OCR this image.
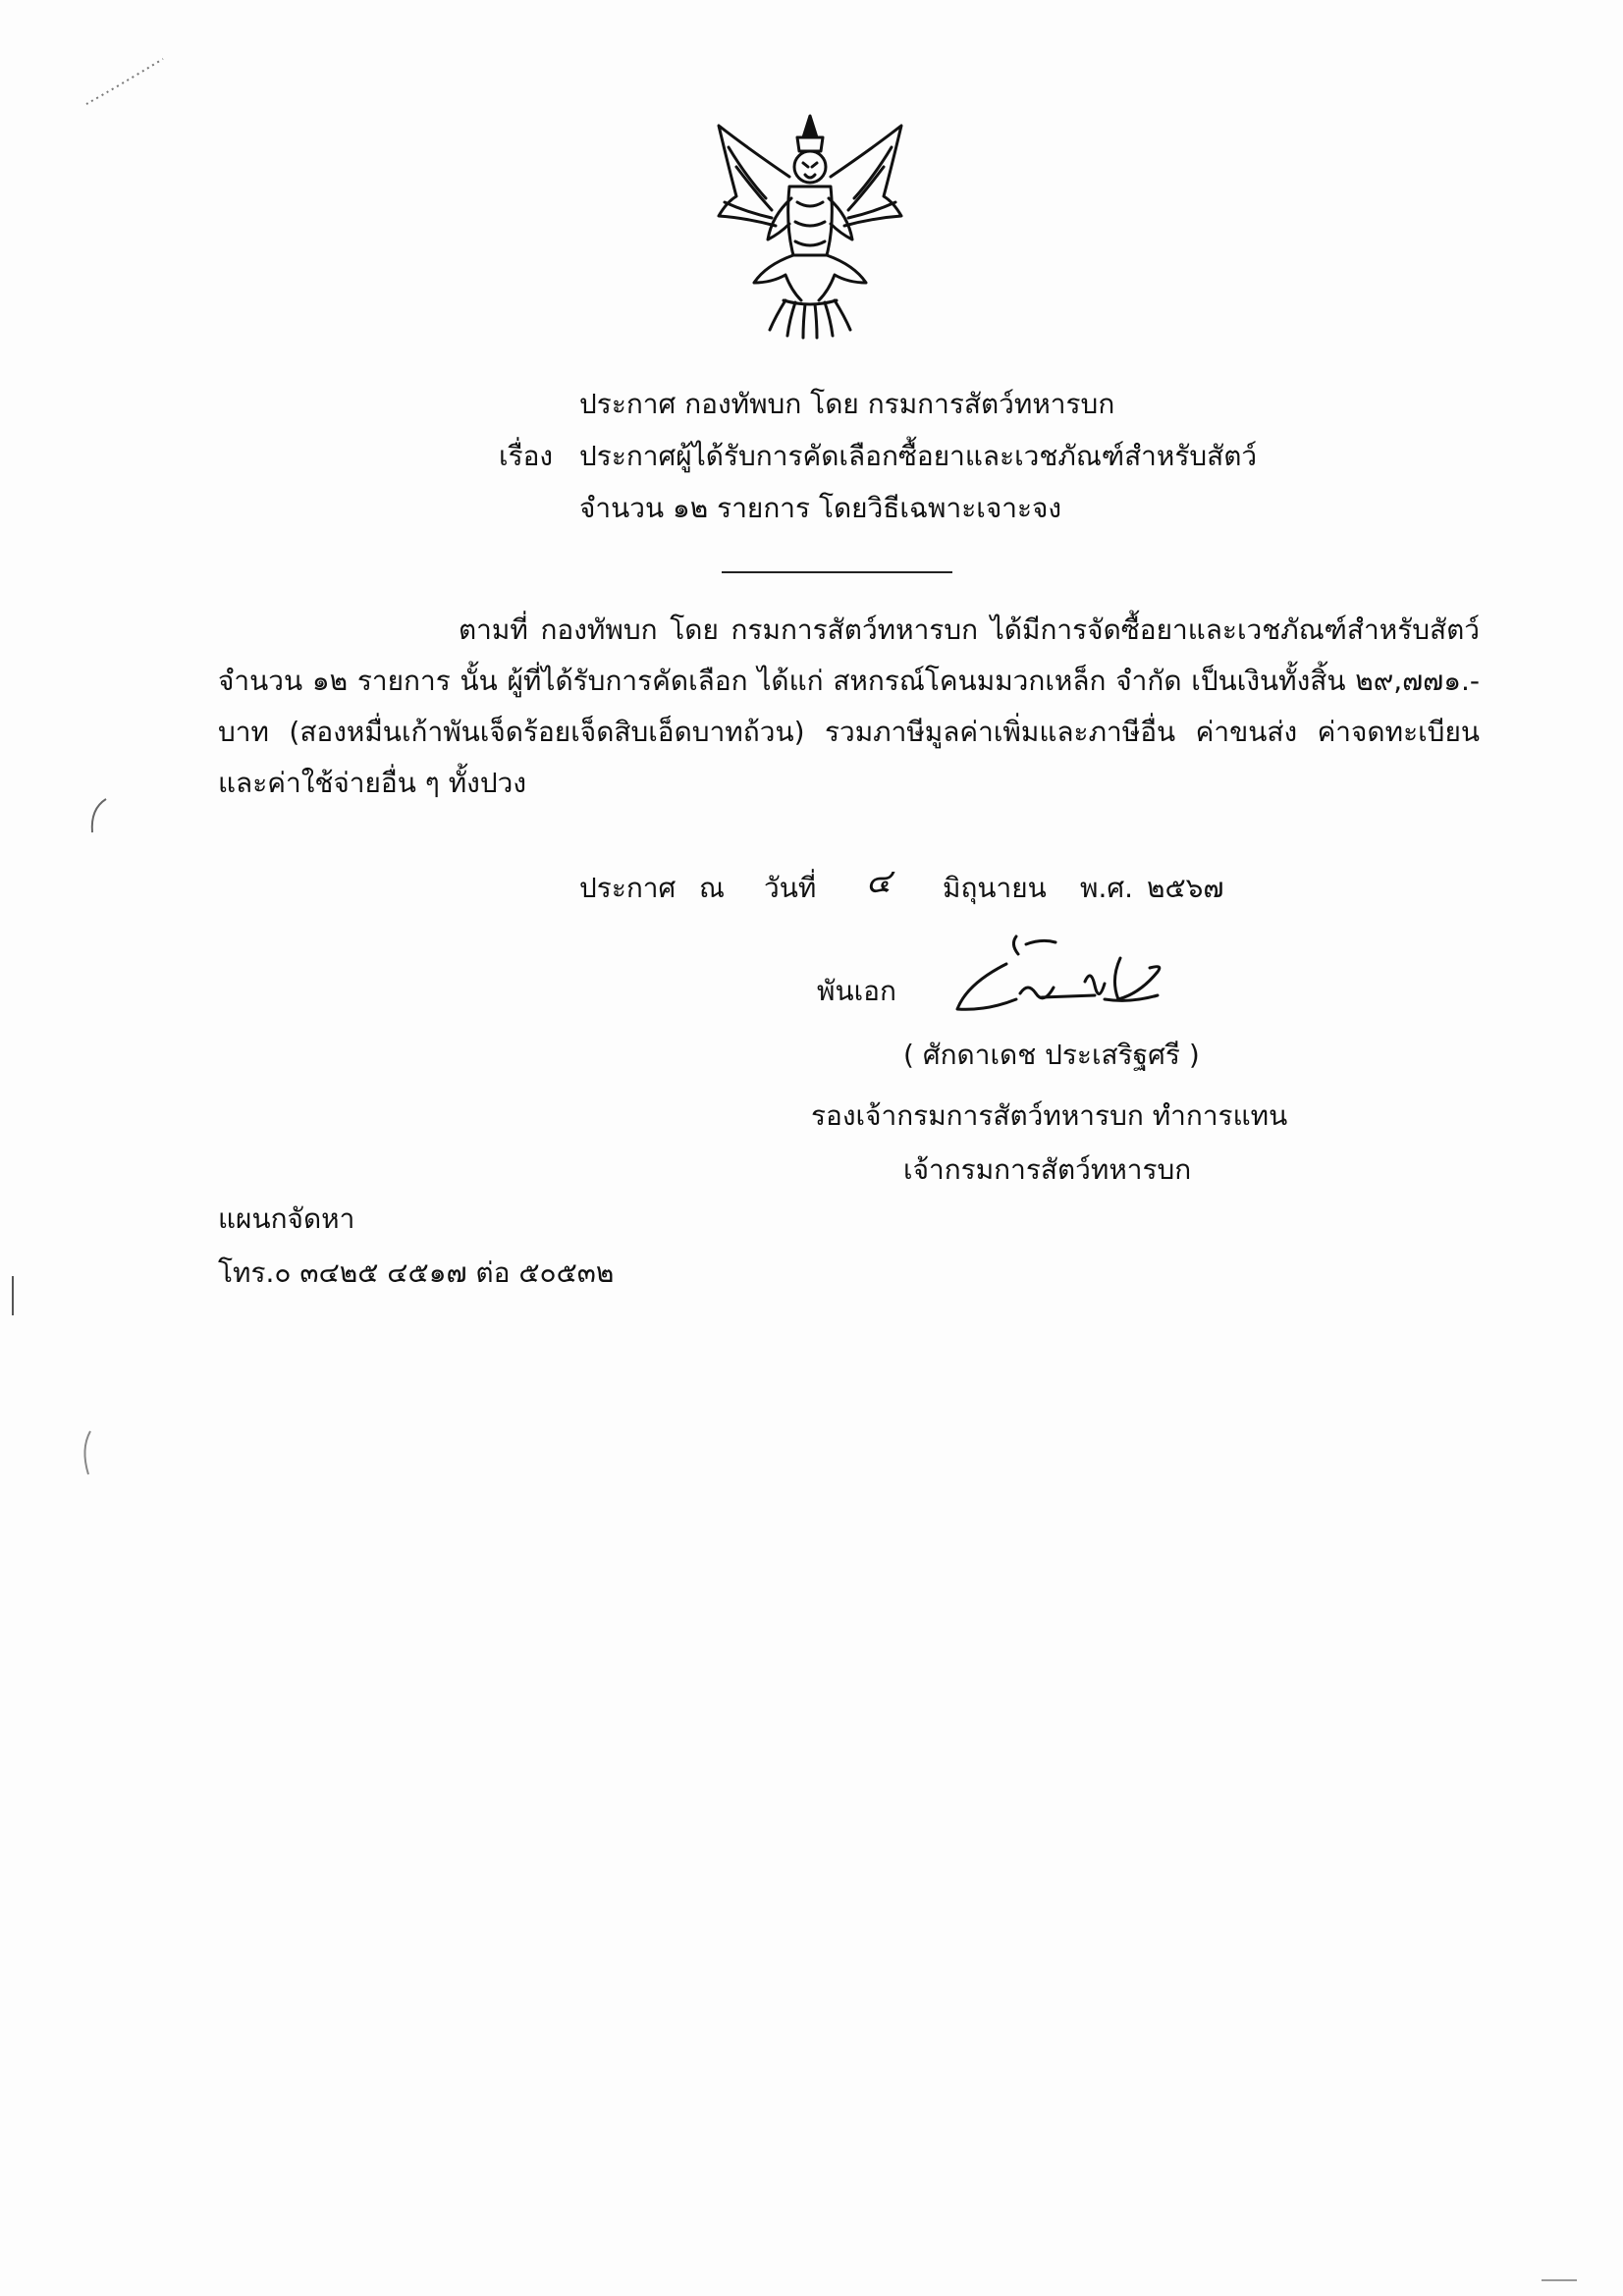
ประกาศ กองทัพบก โดย กรมการสัตว์ทหารบก
เรื่อง ประกาศผู้ได้รับการคัดเลือกซื้อยาและเวชภัณฑ์สำหรับสัตว์
จำนวน ๑๒ รายการ โดยวิธีเฉพาะเจาะจง

ตามที่ กองทัพบก โดย กรมการสัตว์ทหารบก ได้มีการจัดซื้อยาและเวชภัณฑ์สำหรับสัตว์ จำนวน ๑๒ รายการ นั้น ผู้ที่ได้รับการคัดเลือก ได้แก่ สหกรณ์โคนมมวกเหล็ก จำกัด เป็นเงินทั้งสิ้น ๒๙,๗๗๑.-บาท (สองหมื่นเก้าพันเจ็ดร้อยเจ็ดสิบเอ็ดบาทถ้วน) รวมภาษีมูลค่าเพิ่มและภาษีอื่น ค่าขนส่ง ค่าจดทะเบียน และค่าใช้จ่ายอื่น ๆ ทั้งปวง

ประกาศ ณ วันที่ ๔ มิถุนายน พ.ศ. ๒๕๖๗
พันเอก
( ศักดาเดช ประเสริฐศรี )
รองเจ้ากรมการสัตว์ทหารบก ทำการแทน
เจ้ากรมการสัตว์ทหารบก
แผนกจัดหา
โทร.๐ ๓๔๒๕ ๔๕๑๗ ต่อ ๕๐๕๓๒
